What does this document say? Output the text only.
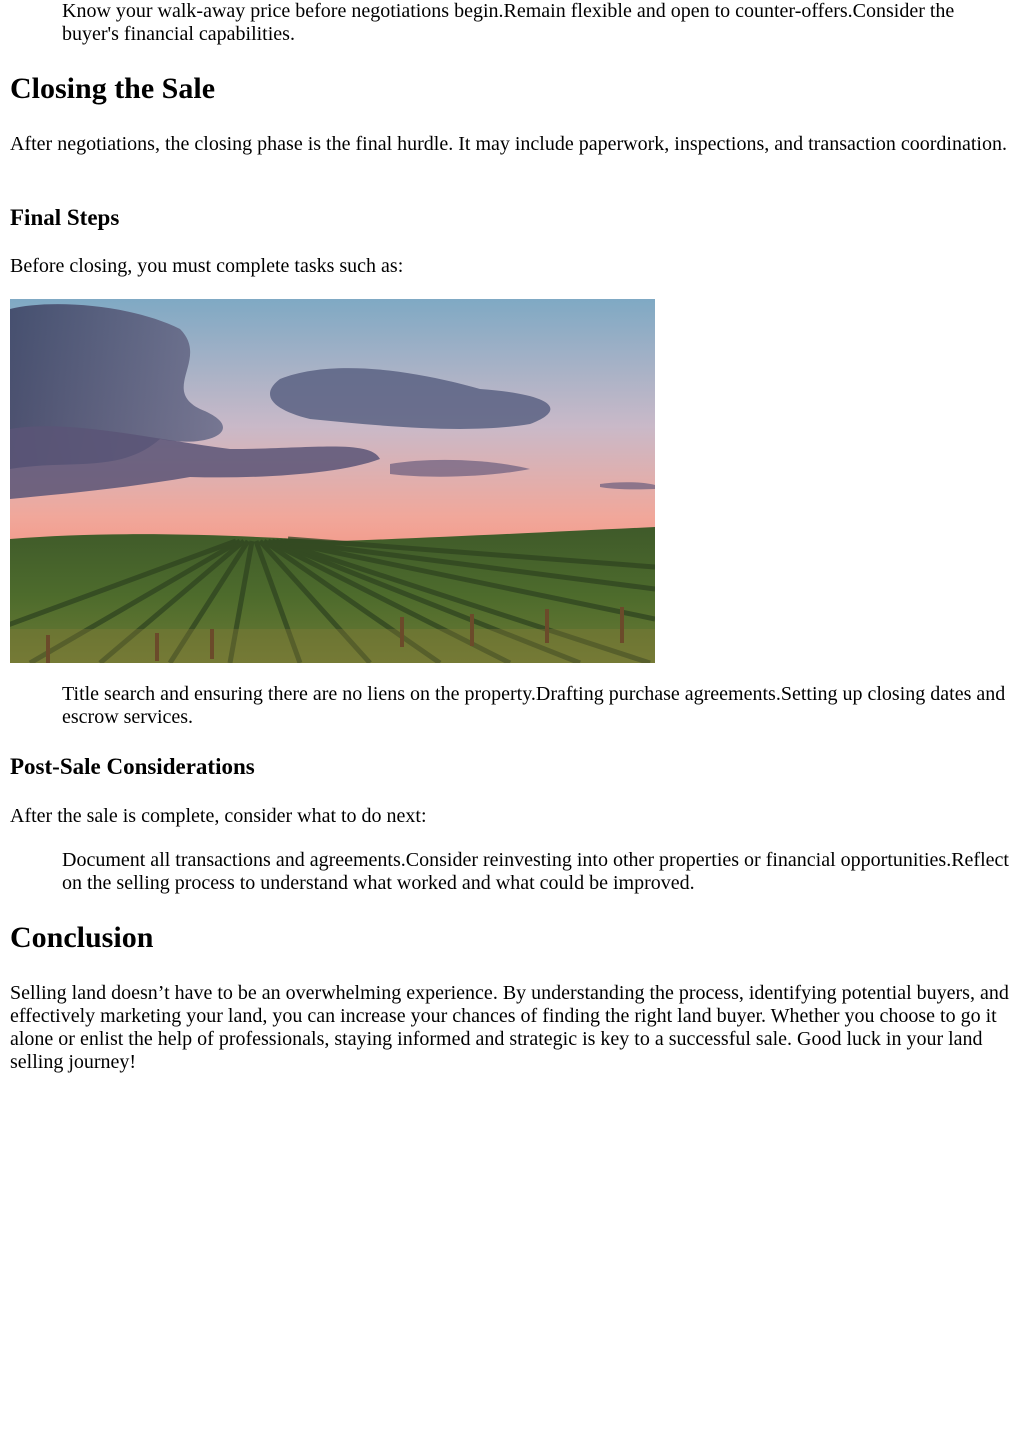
Know your walk-away price before negotiations begin.Remain flexible and open to counter-offers.Consider the buyer's financial capabilities.

Closing the Sale

After negotiations, the closing phase is the final hurdle. It may include paperwork, inspections, and transaction coordination.

Final Steps

Before closing, you must complete tasks such as:

Title search and ensuring there are no liens on the property.Drafting purchase agreements.Setting up closing dates and escrow services.

Post-Sale Considerations

After the sale is complete, consider what to do next:

Document all transactions and agreements.Consider reinvesting into other properties or financial opportunities.Reflect on the selling process to understand what worked and what could be improved.

Conclusion

Selling land doesn’t have to be an overwhelming experience. By understanding the process, identifying potential buyers, and effectively marketing your land, you can increase your chances of finding the right land buyer. Whether you choose to go it alone or enlist the help of professionals, staying informed and strategic is key to a successful sale. Good luck in your land selling journey!
